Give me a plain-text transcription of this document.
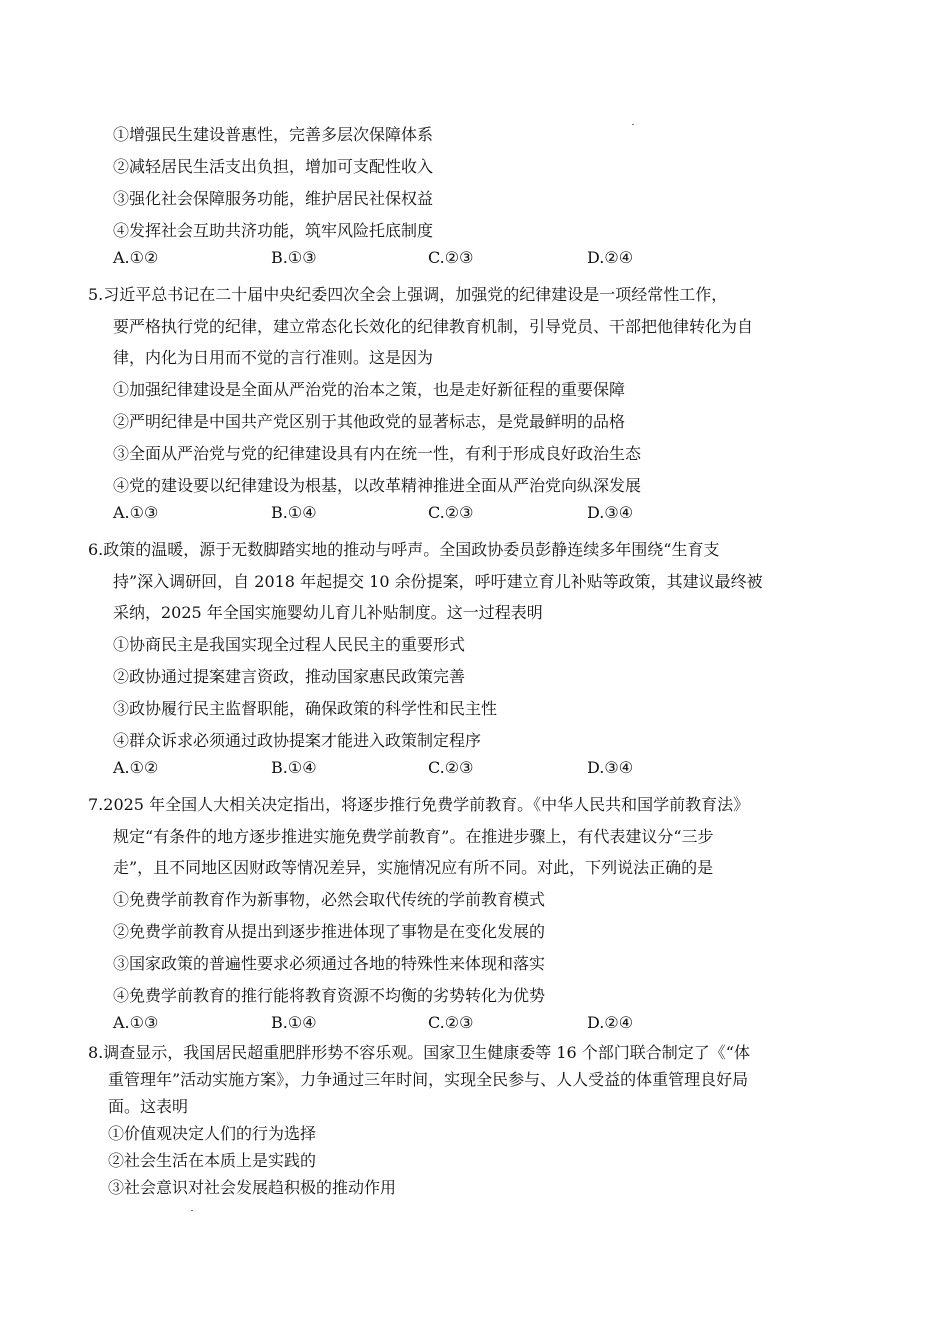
①增强民生建设普惠性，完善多层次保障体系
②减轻居民生活支出负担，增加可支配性收入
③强化社会保障服务功能，维护居民社保权益
④发挥社会互助共济功能，筑牢风险托底制度
A.①②	B.①③	C.②③	D.②④
5.习近平总书记在二十届中央纪委四次全会上强调，加强党的纪律建设是一项经常性工作，
要严格执行党的纪律，建立常态化长效化的纪律教育机制，引导党员、干部把他律转化为自
律，内化为日用而不觉的言行准则。这是因为
①加强纪律建设是全面从严治党的治本之策，也是走好新征程的重要保障
②严明纪律是中国共产党区别于其他政党的显著标志，是党最鲜明的品格
③全面从严治党与党的纪律建设具有内在统一性，有利于形成良好政治生态
④党的建设要以纪律建设为根基，以改革精神推进全面从严治党向纵深发展
A.①③	B.①④	C.②③	D.③④
6.政策的温暖，源于无数脚踏实地的推动与呼声。全国政协委员彭静连续多年围绕“生育支
持”深入调研回，自 2018 年起提交 10 余份提案，呼吁建立育儿补贴等政策，其建议最终被
采纳，2025 年全国实施婴幼儿育儿补贴制度。这一过程表明
①协商民主是我国实现全过程人民民主的重要形式
②政协通过提案建言资政，推动国家惠民政策完善
③政协履行民主监督职能，确保政策的科学性和民主性
④群众诉求必须通过政协提案才能进入政策制定程序
A.①②	B.①④	C.②③	D.③④
7.2025 年全国人大相关决定指出，将逐步推行免费学前教育。《中华人民共和国学前教育法》
规定“有条件的地方逐步推进实施免费学前教育”。在推进步骤上，有代表建议分“三步
走”，且不同地区因财政等情况差异，实施情况应有所不同。对此，下列说法正确的是
①免费学前教育作为新事物，必然会取代传统的学前教育模式
②免费学前教育从提出到逐步推进体现了事物是在变化发展的
③国家政策的普遍性要求必须通过各地的特殊性来体现和落实
④免费学前教育的推行能将教育资源不均衡的劣势转化为优势
A.①③	B.①④	C.②③	D.②④
8.调查显示，我国居民超重肥胖形势不容乐观。国家卫生健康委等 16 个部门联合制定了《“体
重管理年”活动实施方案》，力争通过三年时间，实现全民参与、人人受益的体重管理良好局
面。这表明
①价值观决定人们的行为选择
②社会生活在本质上是实践的
③社会意识对社会发展趋积极的推动作用
